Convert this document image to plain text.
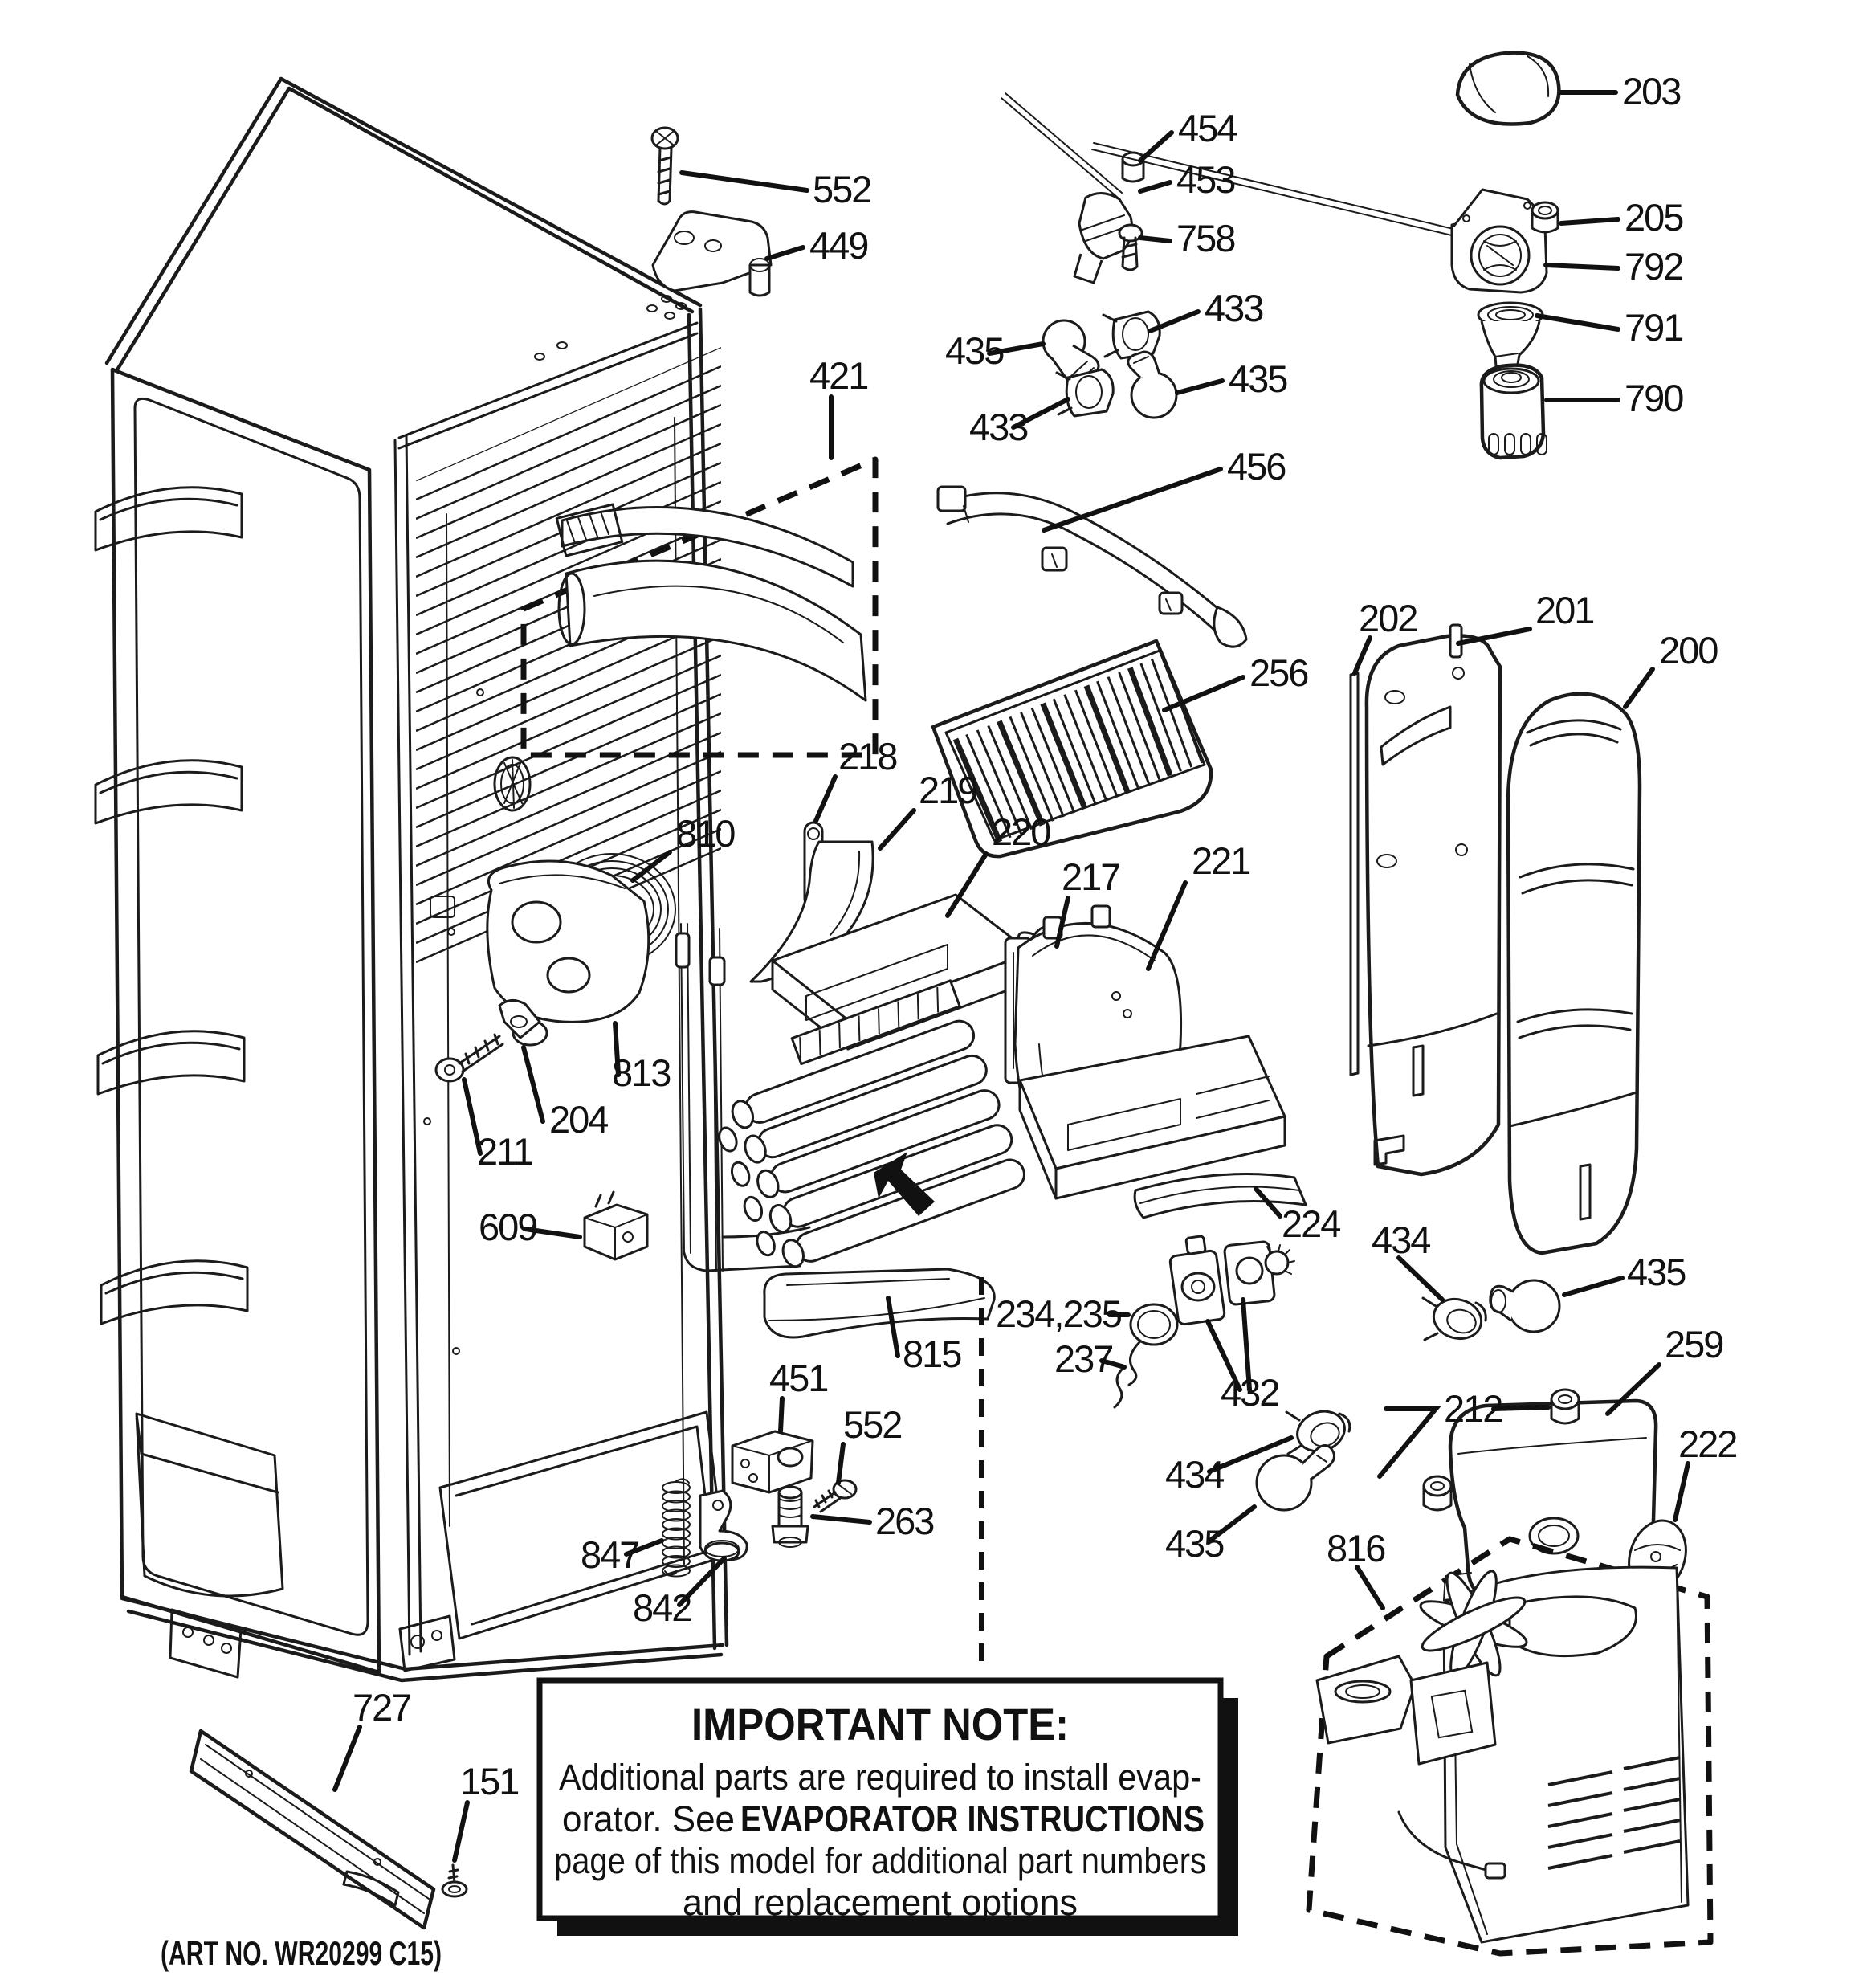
IMPORTANT NOTE:
Additional parts are required to install evap-
orator. See EVAPORATOR INSTRUCTIONS
page of this model for additional part numbers
and replacement options
(ART NO. WR20299 C15)
552
449
421
454
453
758
203
205
792
791
790
435
433
433
435
456
256
202	201
200
218
219
220
217 221
810
813
204
211
609
815
234,235
237
432
224 434
435
259
212
222
434
435	816
451
552
263
847
842
727
151
